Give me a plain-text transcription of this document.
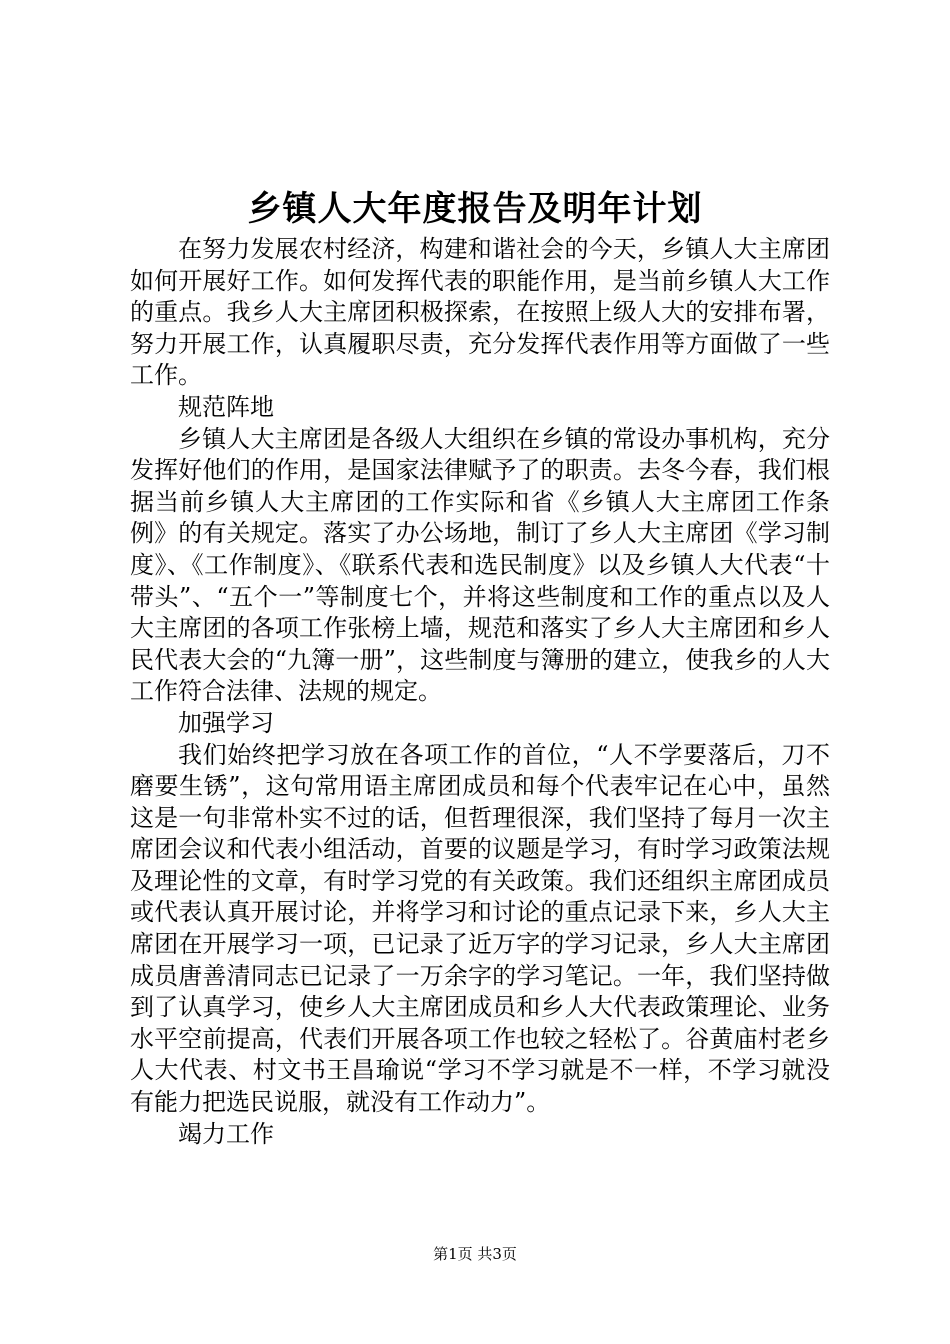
乡镇人大年度报告及明年计划

在努力发展农村经济，构建和谐社会的今天，乡镇人大主席团如何开展好工作。如何发挥代表的职能作用，是当前乡镇人大工作的重点。我乡人大主席团积极探索，在按照上级人大的安排布署，努力开展工作，认真履职尽责，充分发挥代表作用等方面做了一些工作。

规范阵地

乡镇人大主席团是各级人大组织在乡镇的常设办事机构，充分发挥好他们的作用，是国家法律赋予了的职责。去冬今春，我们根据当前乡镇人大主席团的工作实际和省《乡镇人大主席团工作条例》的有关规定。落实了办公场地，制订了乡人大主席团《学习制度》、《工作制度》、《联系代表和选民制度》以及乡镇人大代表“十带头”、“五个一”等制度七个，并将这些制度和工作的重点以及人大主席团的各项工作张榜上墙，规范和落实了乡人大主席团和乡人民代表大会的“九簿一册”，这些制度与簿册的建立，使我乡的人大工作符合法律、法规的规定。

加强学习

我们始终把学习放在各项工作的首位，“人不学要落后，刀不磨要生锈”，这句常用语主席团成员和每个代表牢记在心中，虽然这是一句非常朴实不过的话，但哲理很深，我们坚持了每月一次主席团会议和代表小组活动，首要的议题是学习，有时学习政策法规及理论性的文章，有时学习党的有关政策。我们还组织主席团成员或代表认真开展讨论，并将学习和讨论的重点记录下来，乡人大主席团在开展学习一项，已记录了近万字的学习记录，乡人大主席团成员唐善清同志已记录了一万余字的学习笔记。一年，我们坚持做到了认真学习，使乡人大主席团成员和乡人大代表政策理论、业务水平空前提高，代表们开展各项工作也较之轻松了。谷黄庙村老乡人大代表、村文书王昌瑜说“学习不学习就是不一样，不学习就没有能力把选民说服，就没有工作动力”。

竭力工作

第1页 共3页
